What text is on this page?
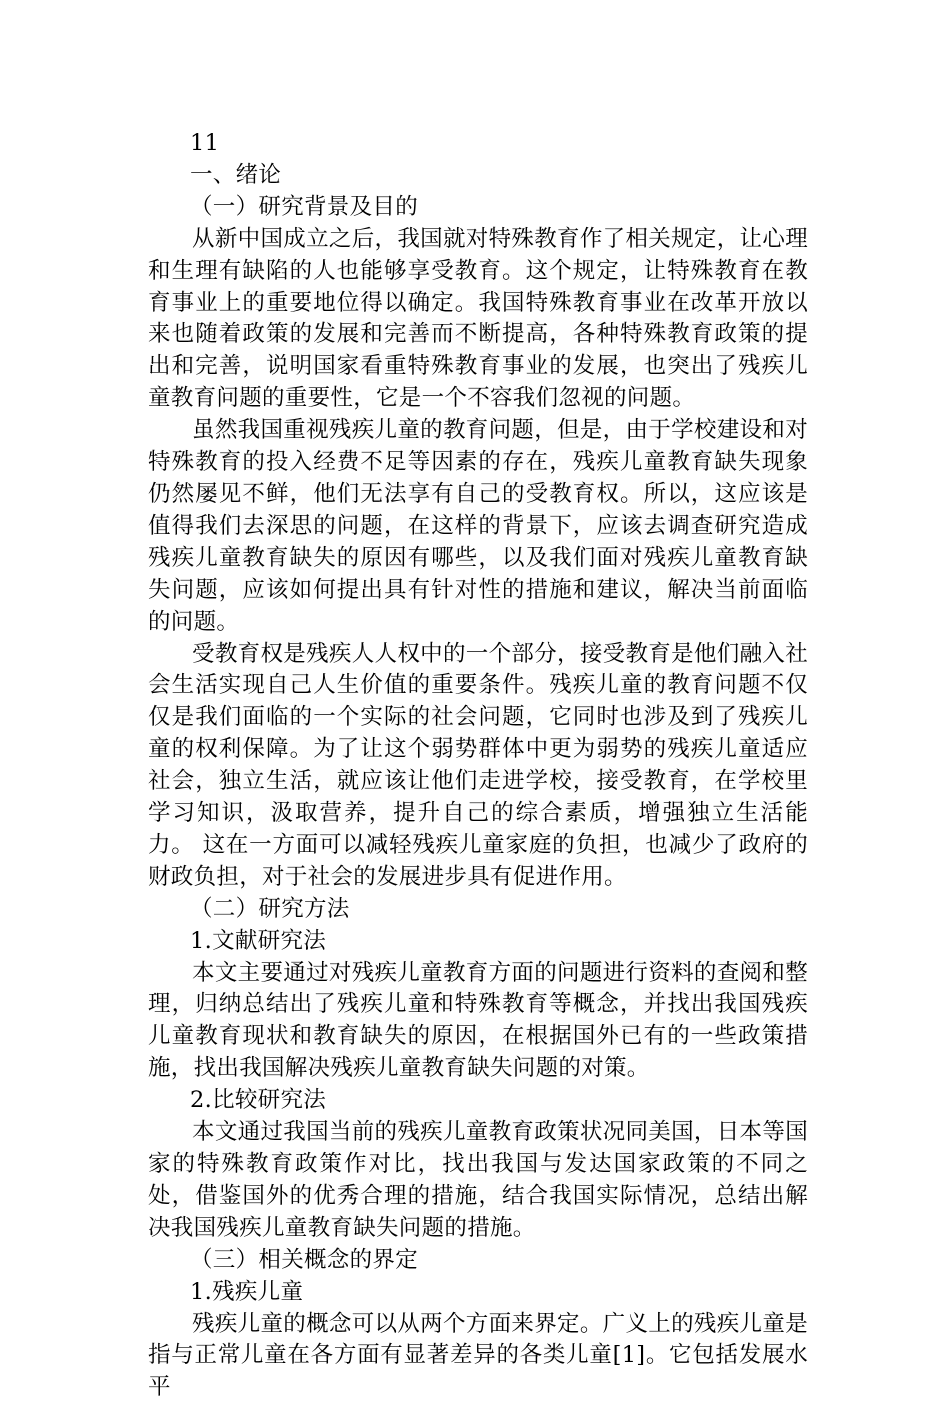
11
一、绪论
（一）研究背景及目的

从新中国成立之后，我国就对特殊教育作了相关规定，让心理和生理有缺陷的人也能够享受教育。这个规定，让特殊教育在教育事业上的重要地位得以确定。我国特殊教育事业在改革开放以来也随着政策的发展和完善而不断提高，各种特殊教育政策的提出和完善，说明国家看重特殊教育事业的发展，也突出了残疾儿童教育问题的重要性，它是一个不容我们忽视的问题。

虽然我国重视残疾儿童的教育问题，但是，由于学校建设和对特殊教育的投入经费不足等因素的存在，残疾儿童教育缺失现象仍然屡见不鲜，他们无法享有自己的受教育权。所以，这应该是值得我们去深思的问题，在这样的背景下，应该去调查研究造成残疾儿童教育缺失的原因有哪些，以及我们面对残疾儿童教育缺失问题，应该如何提出具有针对性的措施和建议，解决当前面临的问题。

受教育权是残疾人人权中的一个部分，接受教育是他们融入社会生活实现自己人生价值的重要条件。残疾儿童的教育问题不仅仅是我们面临的一个实际的社会问题，它同时也涉及到了残疾儿童的权利保障。为了让这个弱势群体中更为弱势的残疾儿童适应社会，独立生活，就应该让他们走进学校，接受教育，在学校里学习知识，汲取营养，提升自己的综合素质，增强独立生活能力。 这在一方面可以减轻残疾儿童家庭的负担，也减少了政府的财政负担，对于社会的发展进步具有促进作用。

（二）研究方法
1.文献研究法

本文主要通过对残疾儿童教育方面的问题进行资料的查阅和整理，归纳总结出了残疾儿童和特殊教育等概念，并找出我国残疾儿童教育现状和教育缺失的原因，在根据国外已有的一些政策措施，找出我国解决残疾儿童教育缺失问题的对策。

2.比较研究法

本文通过我国当前的残疾儿童教育政策状况同美国，日本等国家的特殊教育政策作对比，找出我国与发达国家政策的不同之处，借鉴国外的优秀合理的措施，结合我国实际情况，总结出解决我国残疾儿童教育缺失问题的措施。

（三）相关概念的界定
1.残疾儿童

残疾儿童的概念可以从两个方面来界定。广义上的残疾儿童是指与正常儿童在各方面有显著差异的各类儿童[1]。它包括发展水平
